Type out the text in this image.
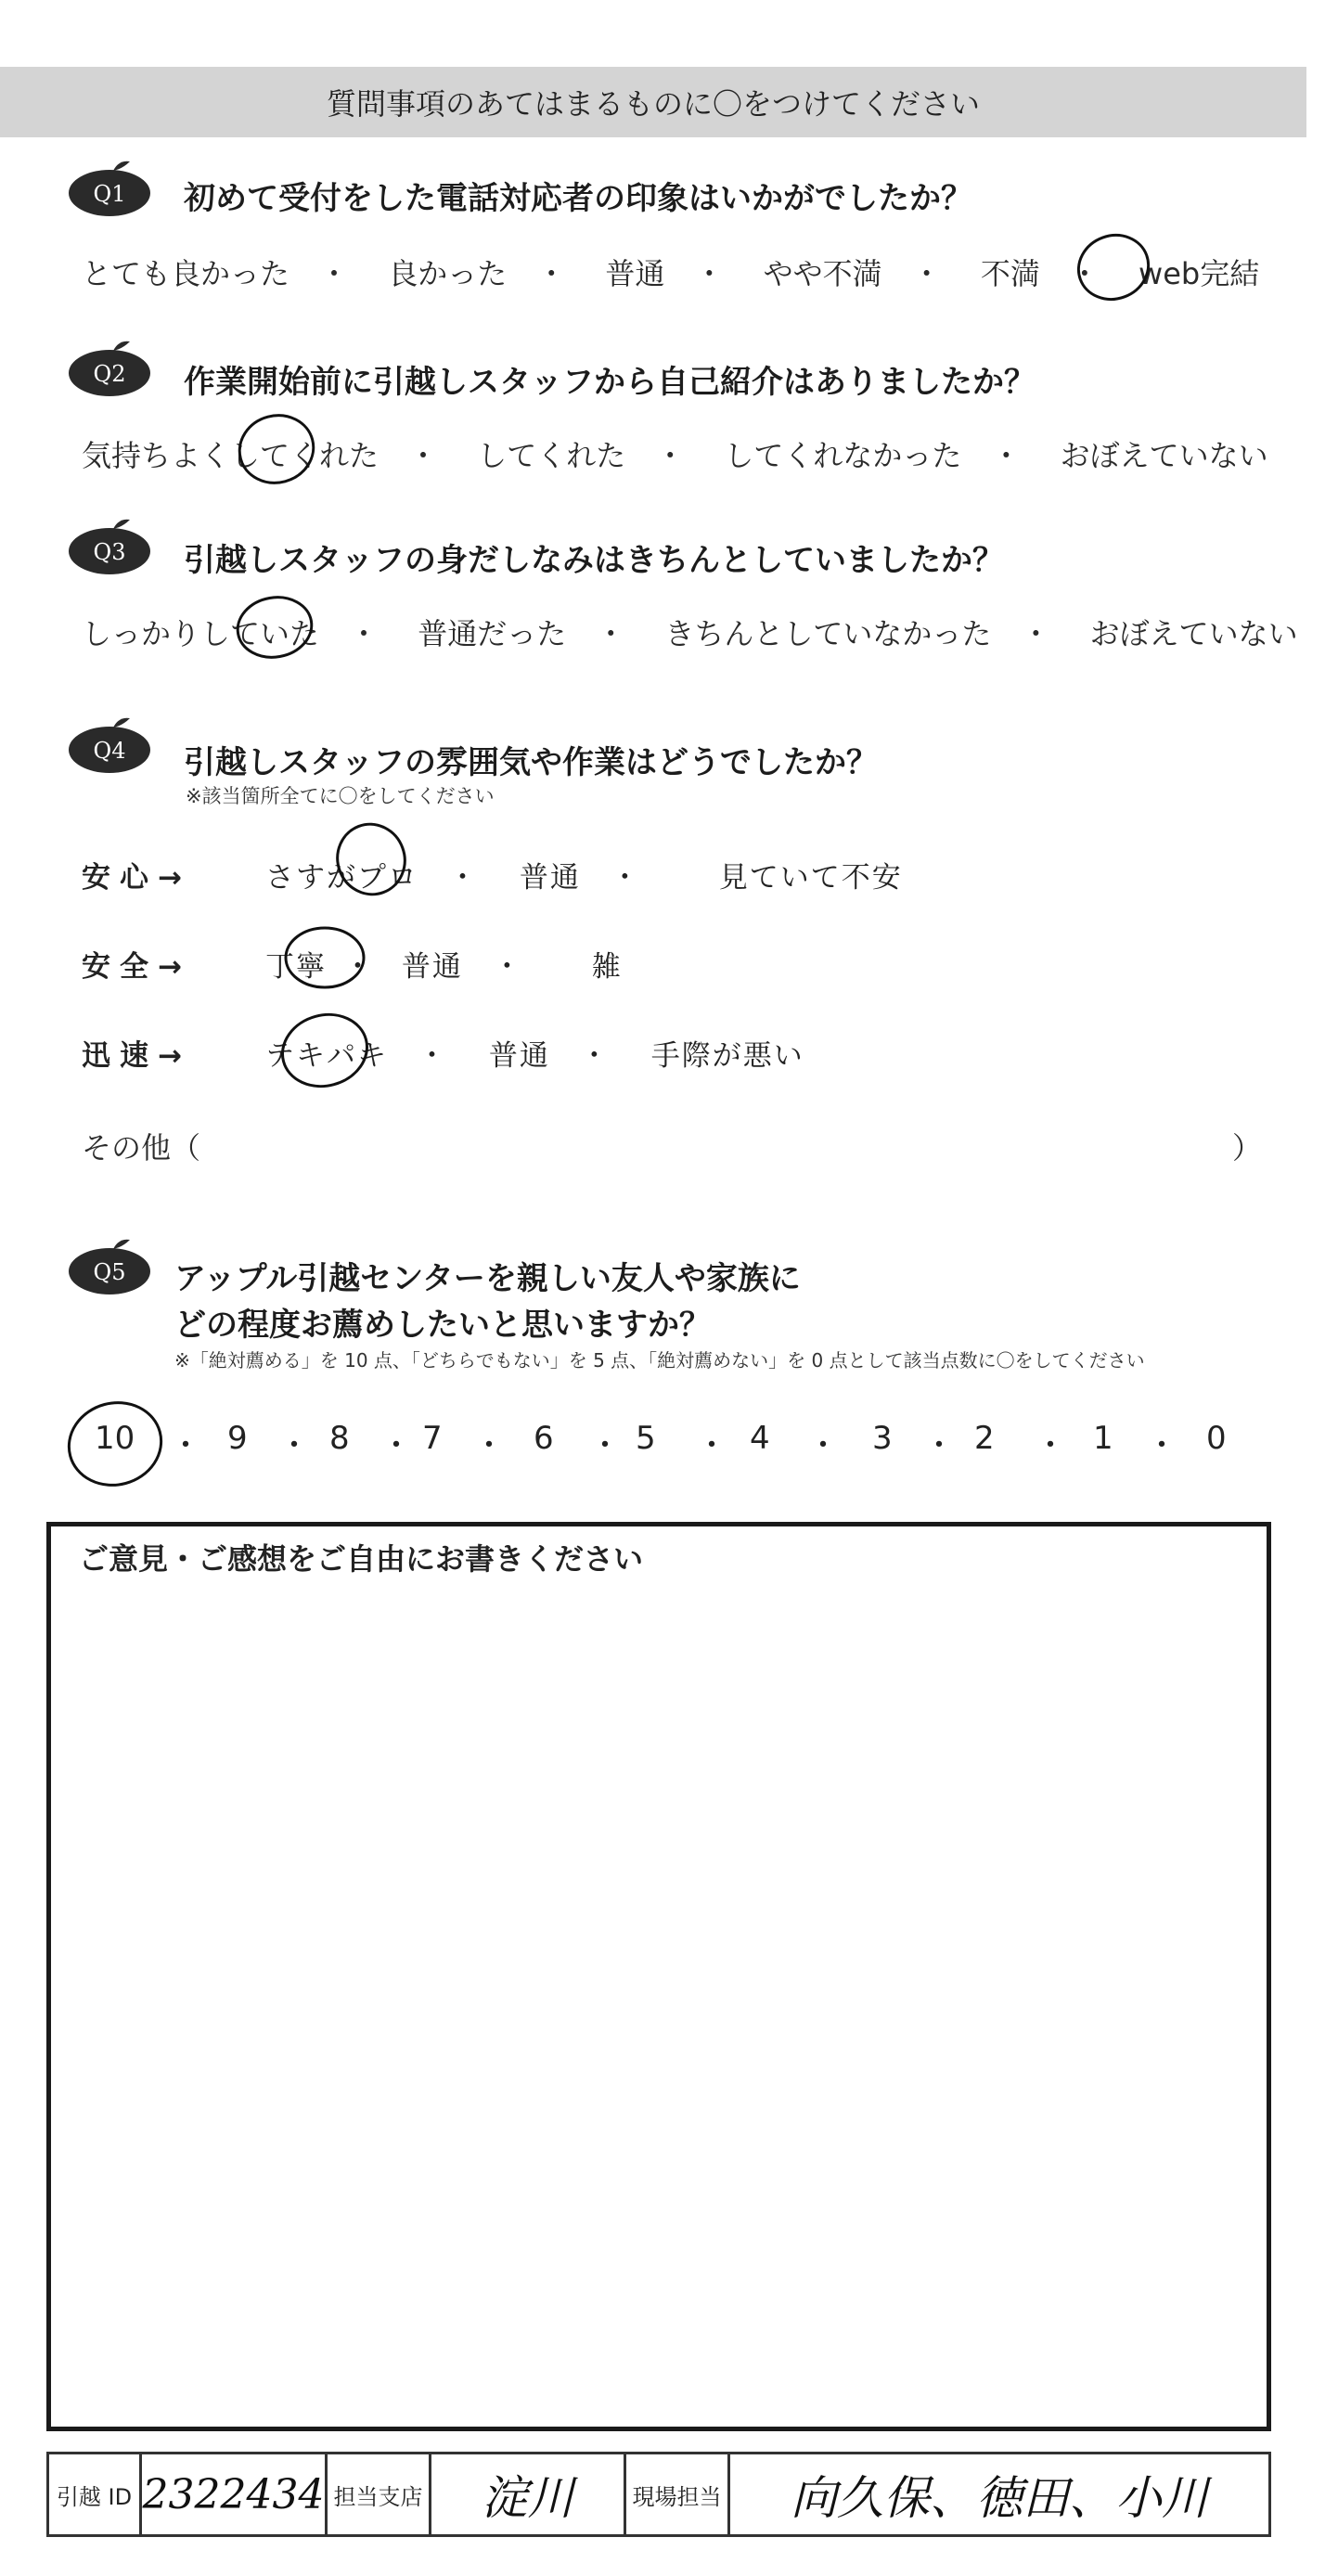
質問事項のあてはまるものに〇をつけてください
Q1 初めて受付をした電話対応者の印象はいかがでしたか？
とても良かった ・ 良かった ・ 普通 ・ やや不満 ・ 不満 ・ web完結
Q2 作業開始前に引越しスタッフから自己紹介はありましたか？
気持ちよくしてくれた ・ してくれた ・ してくれなかった ・ おぼえていない
Q3 引越しスタッフの身だしなみはきちんとしていましたか？
しっかりしていた ・ 普通だった ・ きちんとしていなかった ・ おぼえていない
Q4 引越しスタッフの雰囲気や作業はどうでしたか？
※該当箇所全てに〇をしてください
安心→	さすがプロ ・ 普通 ・	見ていて不安
安全→	丁寧 ・ 普通 ・ 雑
迅速→	テキパキ ・ 普通 ・ 手際が悪い
その他（	）
Q5 アップル引越センターを親しい友人や家族に
どの程度お薦めしたいと思いますか？
※「絶対薦める」を 10 点、「どちらでもない」を 5 点、「絶対薦めない」を 0 点として該当点数に〇をしてください
10 ・ 9 ・ 8 ・ 7 ・ 6 ・ 5 ・ 4 ・ 3 ・ 2 ・ 1 ・ 0
ご意見・ご感想をご自由にお書きください
引越 ID 2322434 担当支店	淀川	現場担当	向久保、徳田、小川
